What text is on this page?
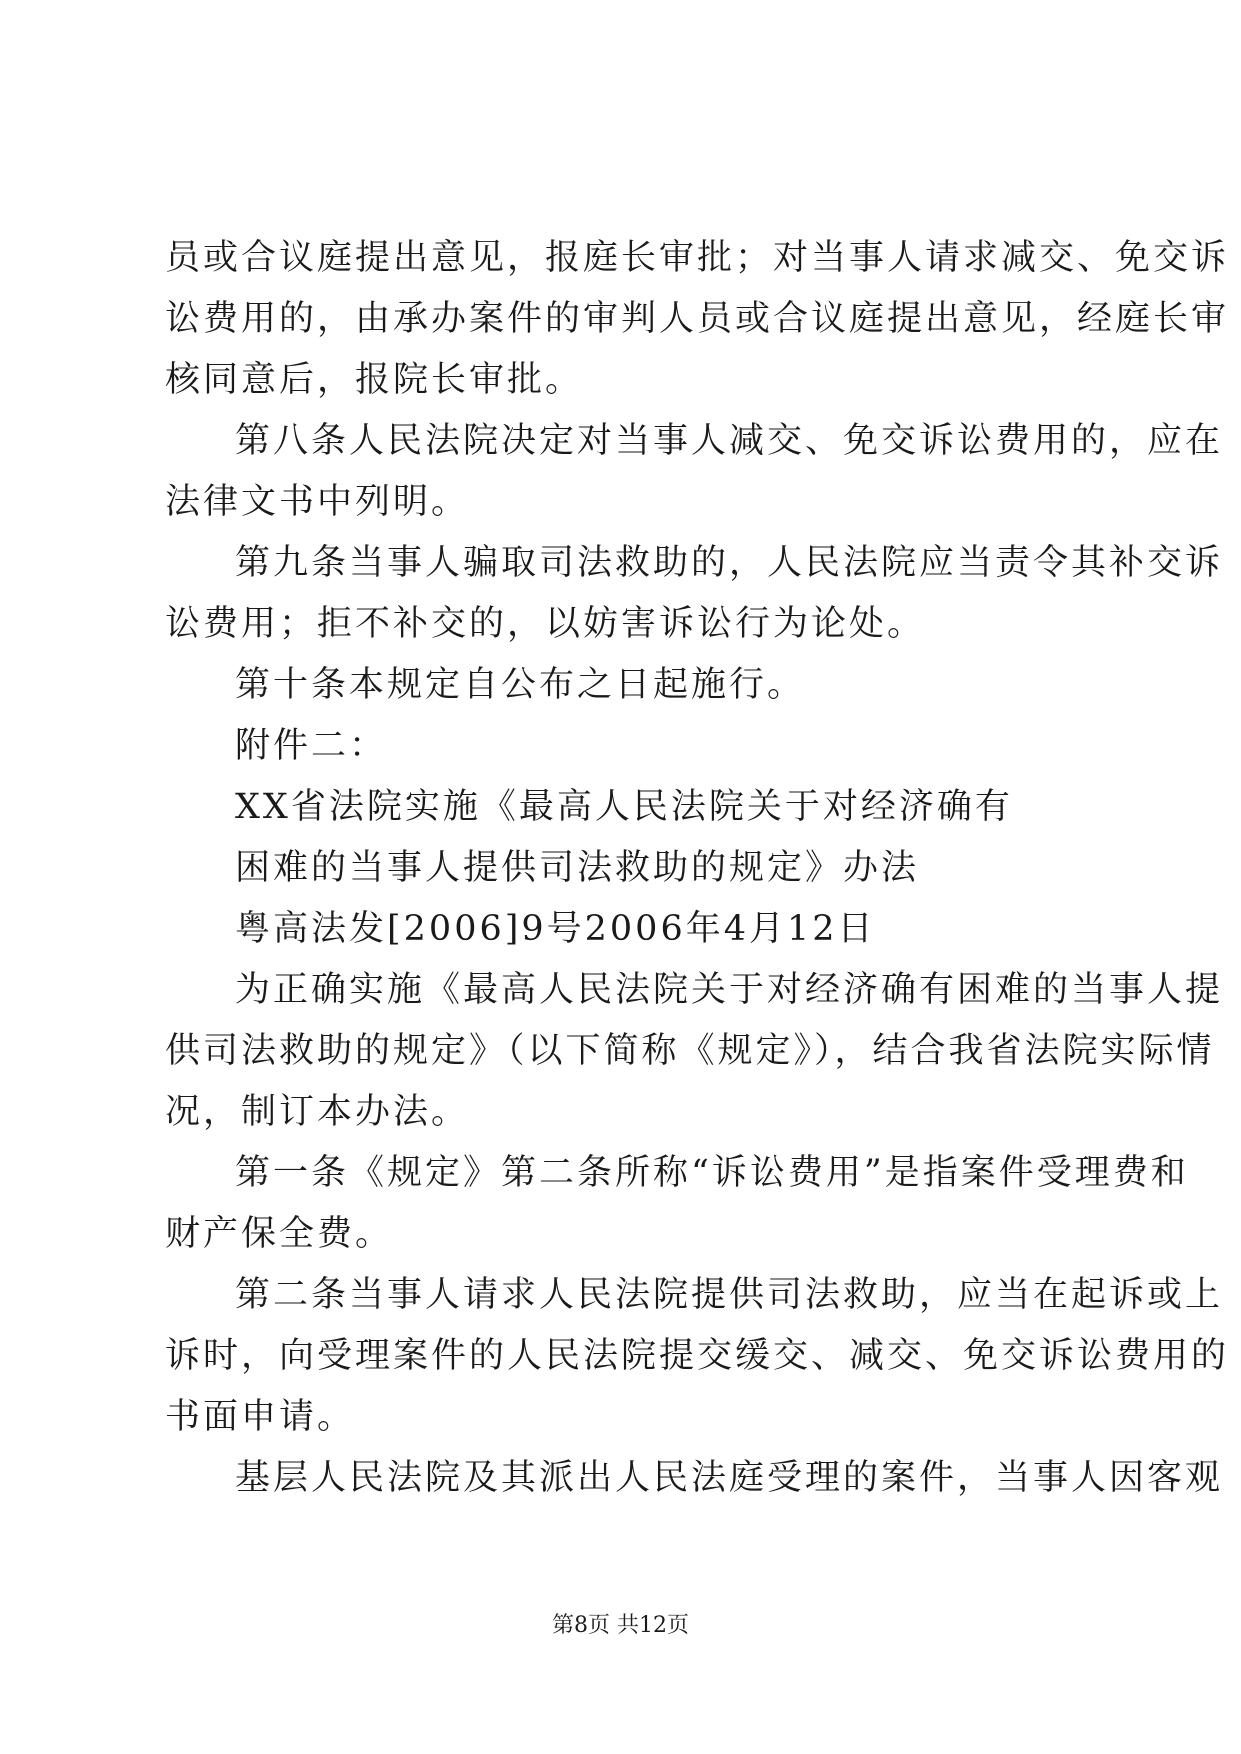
员或合议庭提出意见，报庭长审批；对当事人请求减交、免交诉
讼费用的，由承办案件的审判人员或合议庭提出意见，经庭长审
核同意后，报院长审批。
第八条人民法院决定对当事人减交、免交诉讼费用的，应在
法律文书中列明。
第九条当事人骗取司法救助的，人民法院应当责令其补交诉
讼费用；拒不补交的，以妨害诉讼行为论处。
第十条本规定自公布之日起施行。
附件二：
XX省法院实施《最高人民法院关于对经济确有
困难的当事人提供司法救助的规定》办法
粤高法发[2006]9号2006年4月12日
为正确实施《最高人民法院关于对经济确有困难的当事人提
供司法救助的规定》（以下简称《规定》），结合我省法院实际情
况，制订本办法。
第一条《规定》第二条所称“诉讼费用”是指案件受理费和
财产保全费。
第二条当事人请求人民法院提供司法救助，应当在起诉或上
诉时，向受理案件的人民法院提交缓交、减交、免交诉讼费用的
书面申请。
基层人民法院及其派出人民法庭受理的案件，当事人因客观
第8页 共12页
